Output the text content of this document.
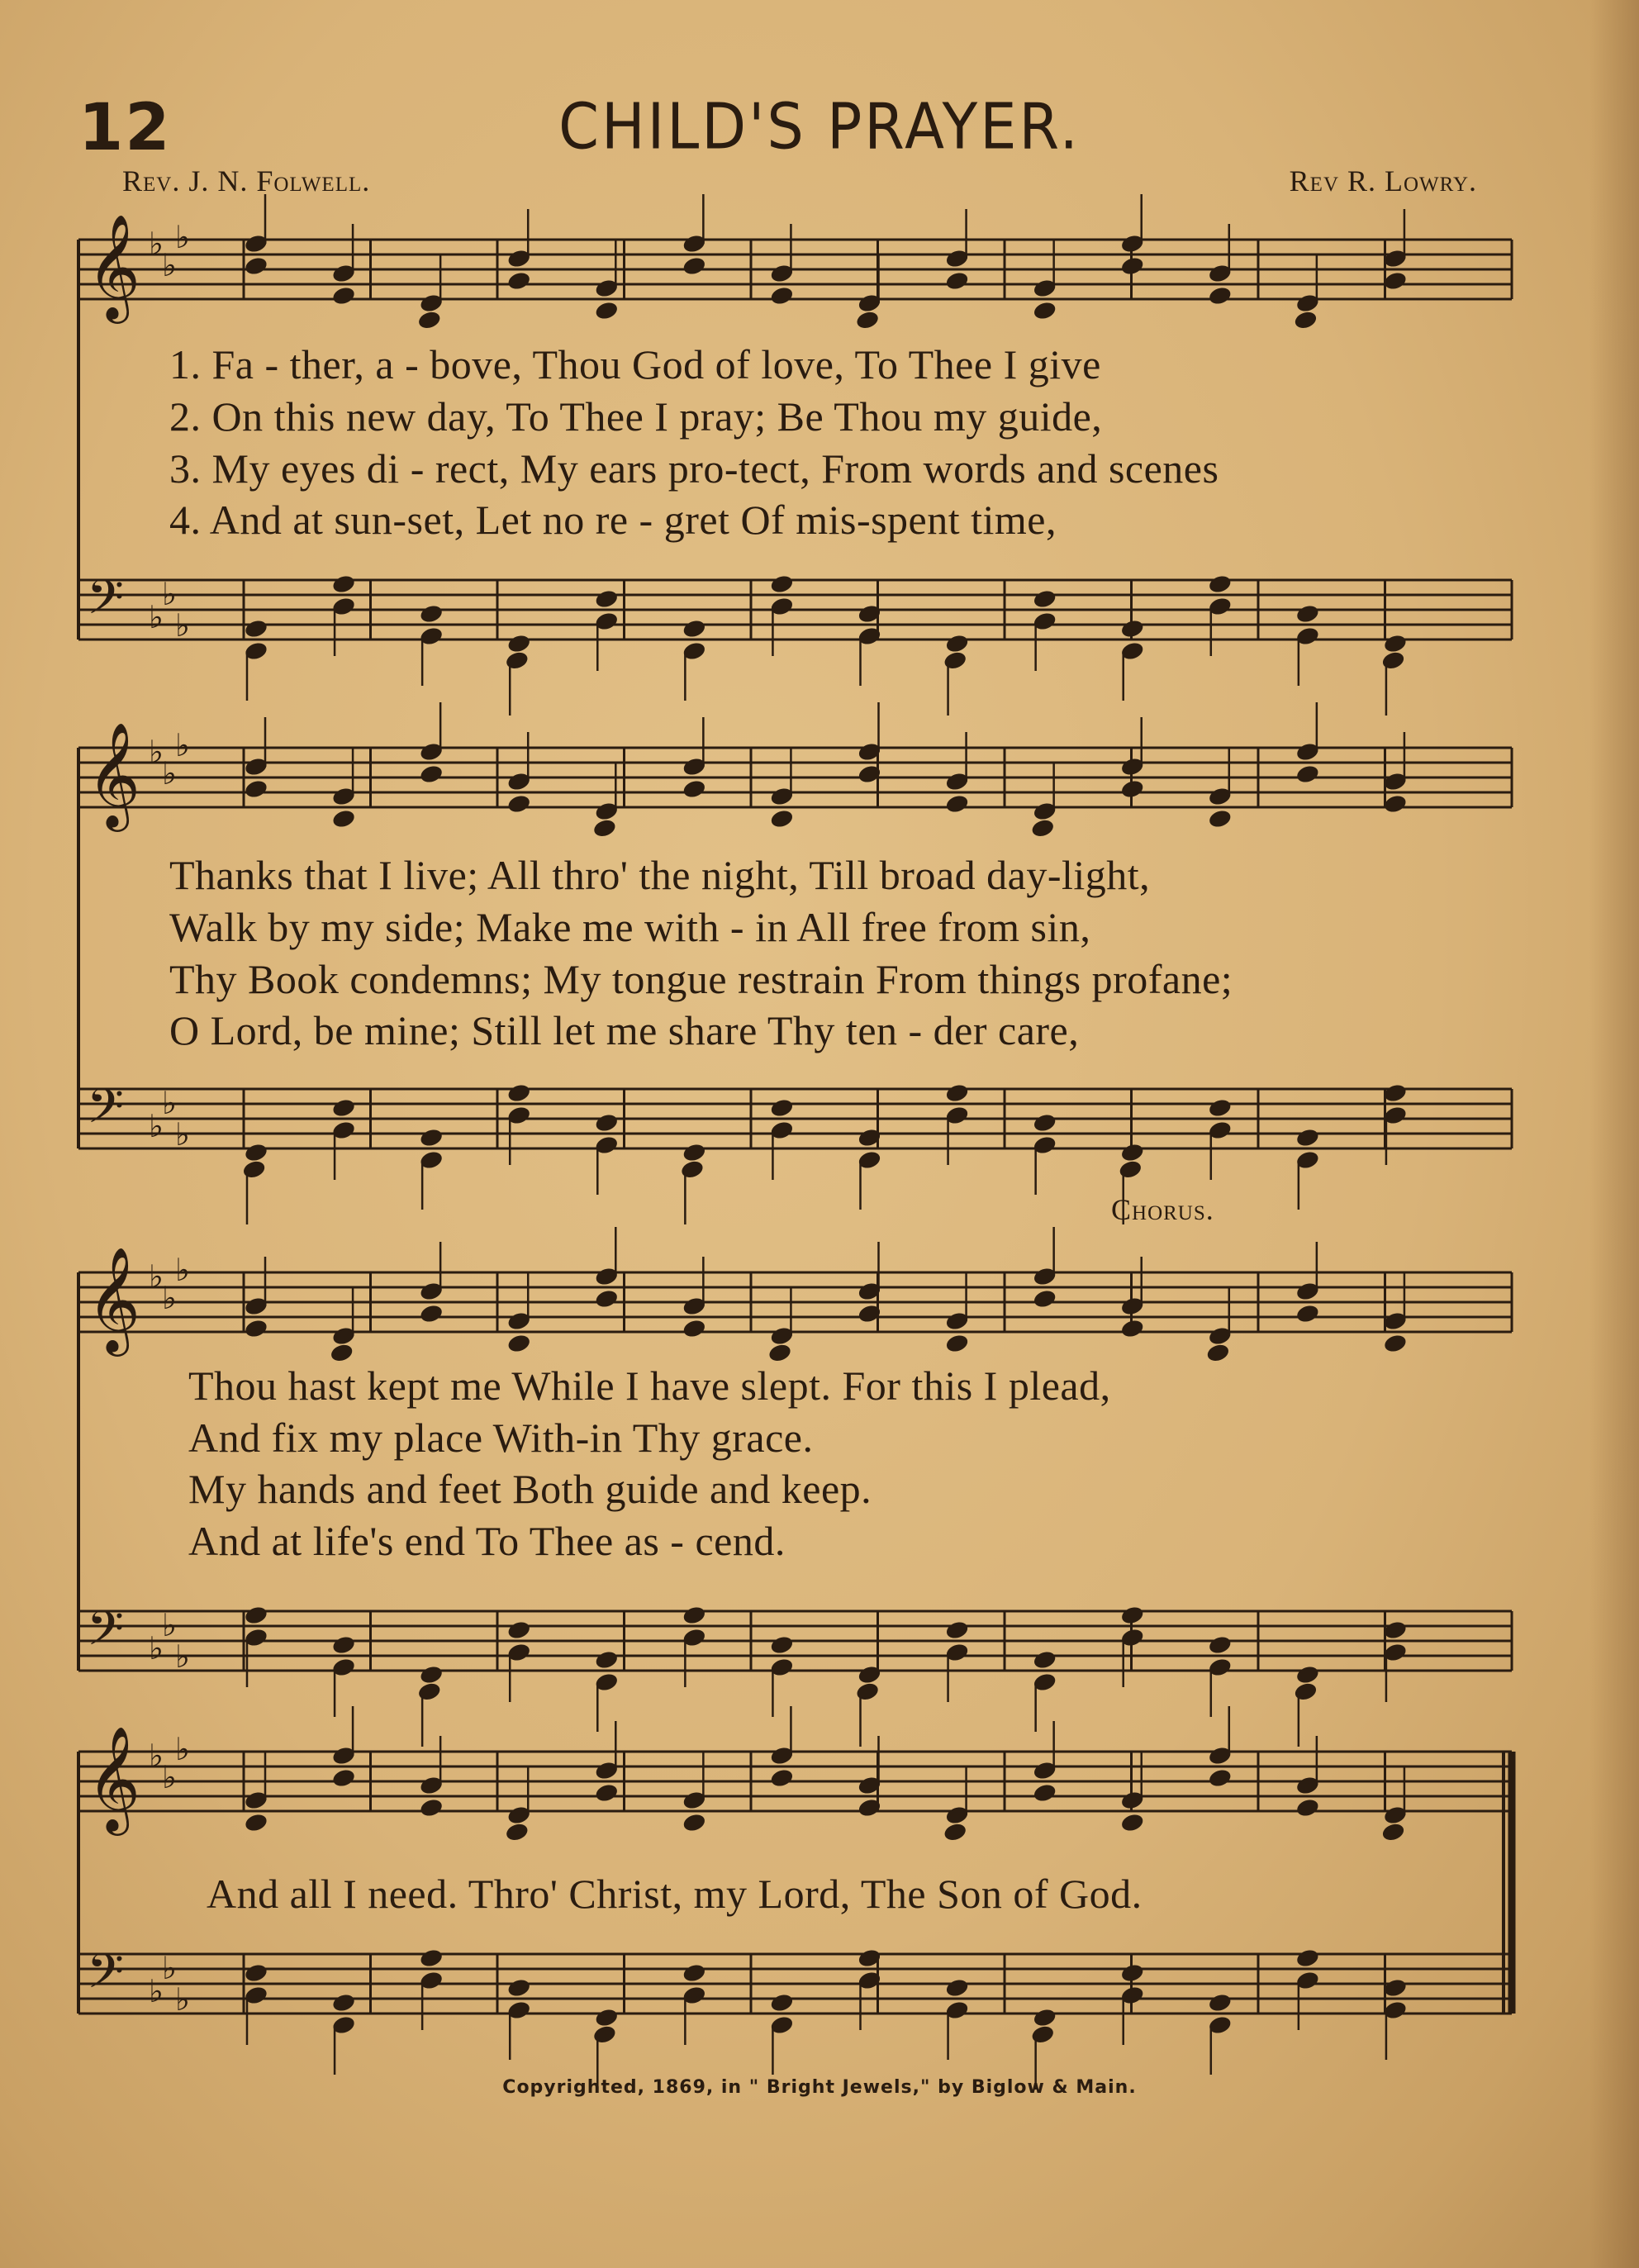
12	CHILD'S PRAYER.
Rev. J. N. Folwell.	Rev R. Lowry.
Chorus.
1. Fa - ther, a - bove, Thou God of love, To Thee I give
2. On this new day, To Thee I pray; Be Thou my guide,
3. My eyes di - rect, My ears pro-tect, From words and scenes
4. And at sun-set, Let no re - gret Of mis-spent time,
Thanks that I live; All thro' the night, Till broad day-light,
Walk by my side; Make me with - in All free from sin,
Thy Book condemns; My tongue restrain From things profane;
O Lord, be mine; Still let me share Thy ten - der care,
Thou hast kept me While I have slept. For this I plead,
And fix my place With-in Thy grace.
My hands and feet Both guide and keep.
And at life's end To Thee as - cend.
And all I need. Thro' Christ, my Lord, The Son of God.
Copyrighted, 1869, in " Bright Jewels," by Biglow & Main.
𝄞 ♭
♭
♭
𝄢 ♭
♭
♭
𝄞 ♭
♭
♭
𝄢 ♭
♭
♭
𝄞 ♭
♭
♭
𝄢 ♭
♭
♭
𝄞 ♭
♭
♭
𝄢 ♭
♭
♭
